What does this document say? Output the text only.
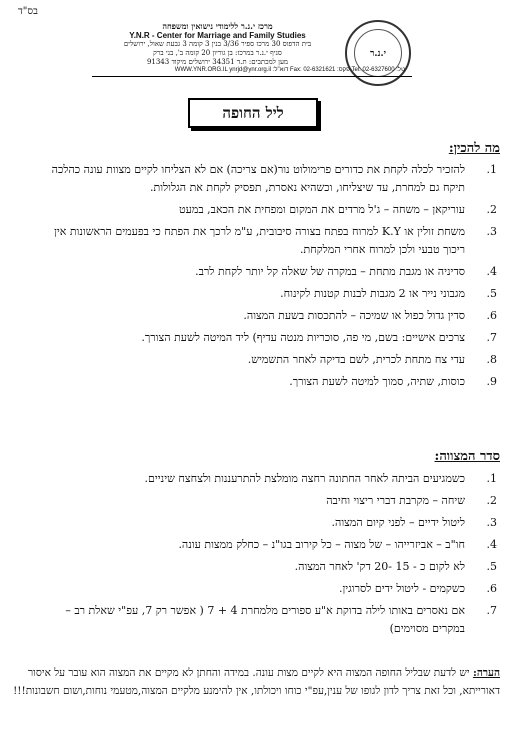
בס"ד
י.נ.ר
מרכז י.נ.ר ללימודי נישואין ומשפחה
Y.N.R - Center for Marriage and Family Studies
בית הדפוס 30 מרכז ספיר 3/36 בנין 3 קומה 3 גבעת שאול, ירושלים
סניף י.נ.ר במרכז: בן גוריון 20 קומה ב', בני ברק
מען למכתבים: ת.ד 34351 ירושלים מיקוד 91343
WWW.YNR.ORG.IL ynrjd@ynr.org.il :דוא"ל Fax: 02-6321621 :פקס Tel: 02-6327600 :טל
ליל החופה
מה להכין:
1.
להזכיר לכלה לקחת את כדורים פרימולוט נור(אם צריכה) אם לא הצליחו לקיים מצוות עונה כהלכה תיקח גם למחרת, עד שיצליחו, וכשהיא נאסרת, תפסיק לקחת את הגלולות.
2.
עוריקאן – משחה – ג'ל מרדים את המקום ומפחית את הכאב, במעט
3.
משחת זולין או K.Y למרוח בפתח בצורה סיבובית, ע"מ לרכך את הפתח כי בפעמים הראשונות אין ריכוך טבעי ולכן למרוח אחרי המלקחת.
4.
סדיניה או מגבת מתחת – במקרה של שאלה קל יותר לקחת לרב.
5.
מגבוני נייר או 2 מגבות לבנות קטנות לקינוח.
6.
סדין גדול כפול או שמיכה – להתכסות בשעת המצוה.
7.
צרכים אישיים: בשם, מי פה, סוכריות מנטה עדיף) ליד המיטה לשעת הצורך.
8.
עדי צח מתחת לכרית, לשם בדיקה לאחר התשמיש.
9.
כוסות, שתיה, סמוך למיטה לשעת הצורך.
סדר המצווה:
1.
כשמגיעים הביתה לאחר החתונה רחצה מומלצת להתרעננות ולצחצח שיניים.
2.
שיחה – מקרבת דברי ריצוי וחיבה
3.
ליטול ידיים – לפני קיום המצוה.
4.
חו"ב – אביזרייהו – של מצוה – כל קירוב בגו"נ – כחלק ממצות עונה.
5.
לא לקום כ - 15 -20 דק' לאחר המצוה.
6.
כשקמים - ליטול ידים לסרוגין.
7.
אם נאסרים באותו לילה בדוקת א"ע ספורים מלמחרת 4 + 7 ( אפשר רק 7, עפ"י שאלת רב – במקרים מסוימים)
הערה: יש לדעת שבליל החופה המצוה היא לקיים מצות עונה. במידה והחתן לא מקיים את המצוה הוא עובר על איסור דאורייתא, וכל זאת צריך לדון לגופו של ענין,עפ"י כוחו ויכולתו, אין להימנע מלקיים המצוה,מטעמי נוחות,ושום חשבונות!!!
